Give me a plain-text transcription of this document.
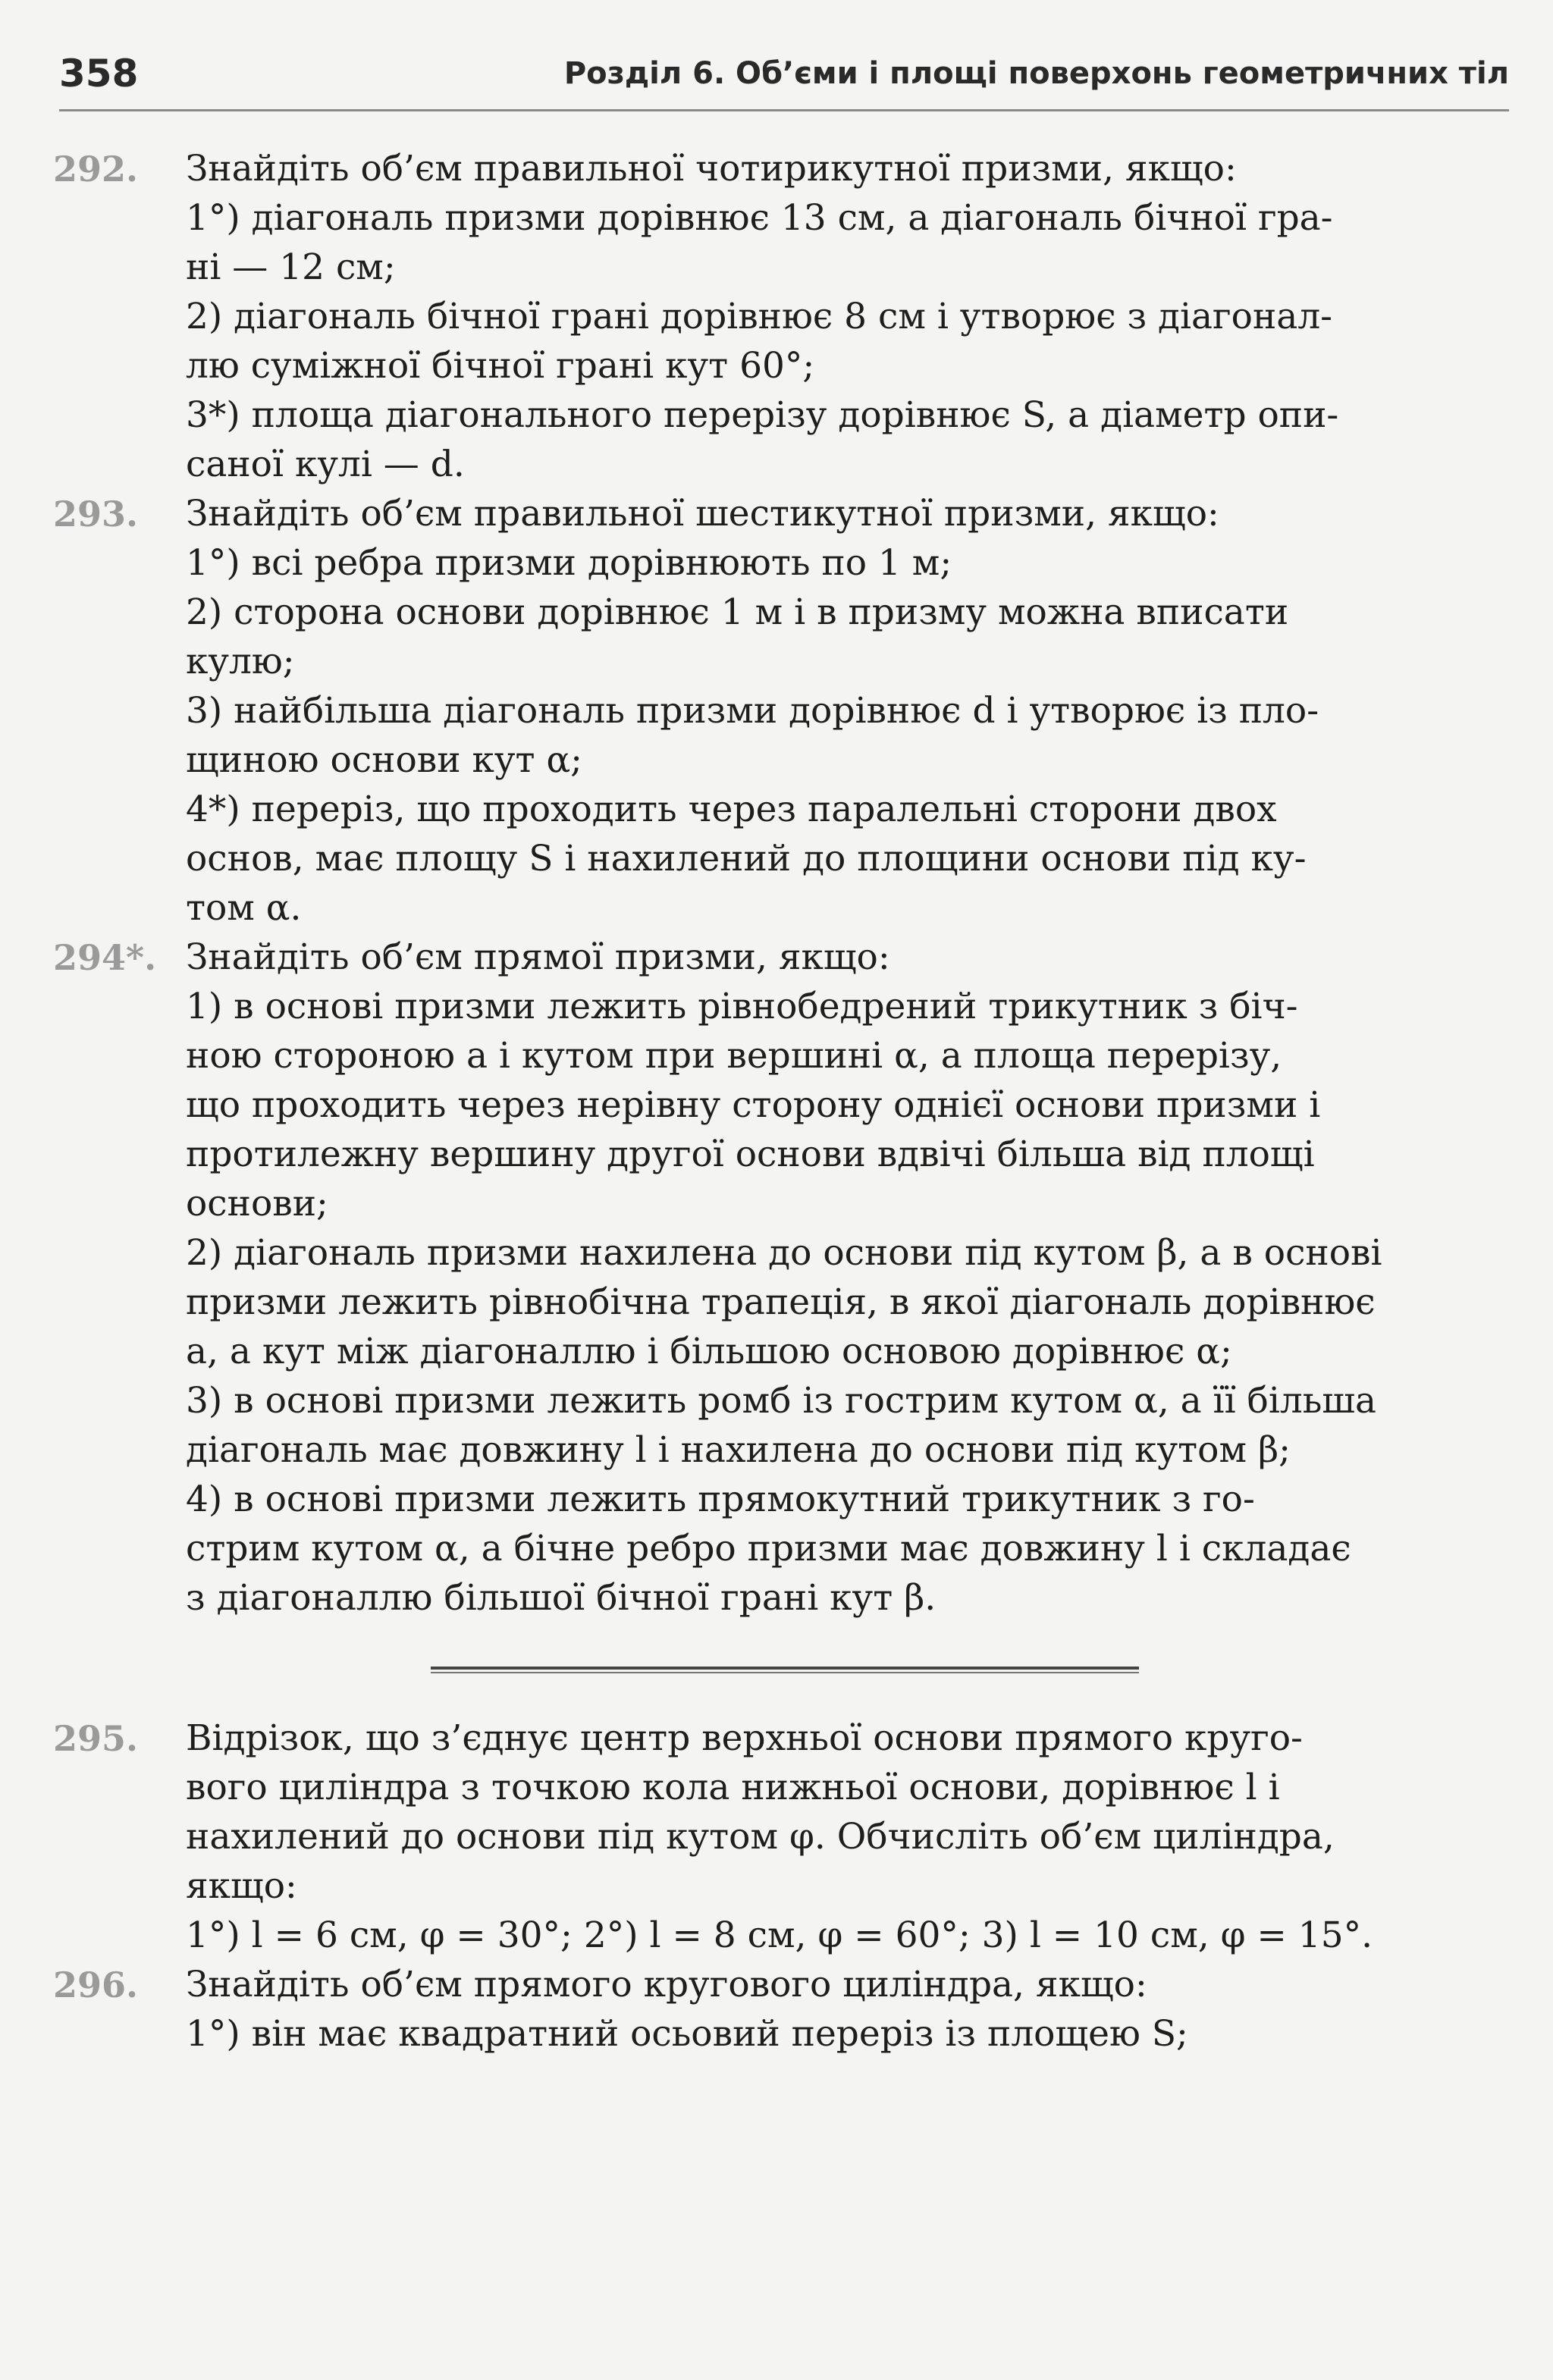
358	Розділ 6. Об’єми і площі поверхонь геометричних тіл
292.	Знайдіть об’єм правильної чотирикутної призми, якщо:
1°) діагональ призми дорівнює 13 см, а діагональ бічної гра-
ні — 12 см;
2) діагональ бічної грані дорівнює 8 см і утворює з діагонал-
лю суміжної бічної грані кут 60°;
3*) площа діагонального перерізу дорівнює S, а діаметр опи-
саної кулі — d.
293.	Знайдіть об’єм правильної шестикутної призми, якщо:
1°) всі ребра призми дорівнюють по 1 м;
2) сторона основи дорівнює 1 м і в призму можна вписати
кулю;
3) найбільша діагональ призми дорівнює d і утворює із пло-
щиною основи кут α;
4*) переріз, що проходить через паралельні сторони двох
основ, має площу S і нахилений до площини основи під ку-
том α.
294*. Знайдіть об’єм прямої призми, якщо:
1) в основі призми лежить рівнобедрений трикутник з біч-
ною стороною a і кутом при вершині α, а площа перерізу,
що проходить через нерівну сторону однієї основи призми і
протилежну вершину другої основи вдвічі більша від площі
основи;
2) діагональ призми нахилена до основи під кутом β, а в основі
призми лежить рівнобічна трапеція, в якої діагональ дорівнює
a, а кут між діагоналлю і більшою основою дорівнює α;
3) в основі призми лежить ромб із гострим кутом α, а її більша
діагональ має довжину l і нахилена до основи під кутом β;
4) в основі призми лежить прямокутний трикутник з го-
стрим кутом α, а бічне ребро призми має довжину l і складає
з діагоналлю більшої бічної грані кут β.
295.	Відрізок, що з’єднує центр верхньої основи прямого кругo-
вого циліндра з точкою кола нижньої основи, дорівнює l і
нахилений до основи під кутом φ. Обчисліть об’єм циліндра,
якщо:
1°) l = 6 см, φ = 30°; 2°) l = 8 см, φ = 60°; 3) l = 10 см, φ = 15°.
296.	Знайдіть об’єм прямого кругового циліндра, якщо:
1°) він має квадратний осьовий переріз із площею S;
